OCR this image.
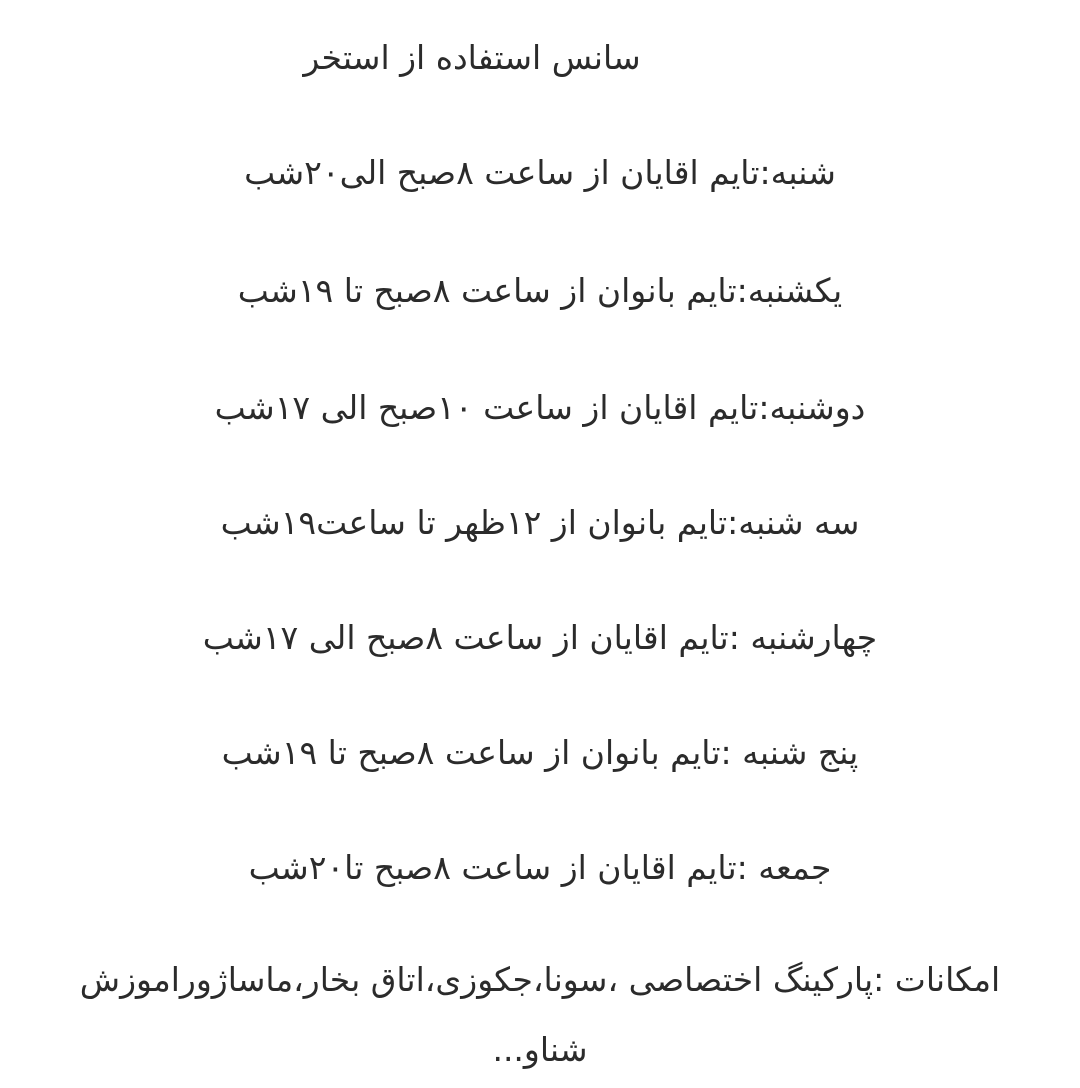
سانس استفاده از استخر

شنبه:تایم اقایان از ساعت ۸صبح الی۲۰شب

یکشنبه:تایم بانوان از ساعت ۸صبح تا ۱۹شب

دوشنبه:تایم اقایان از ساعت ۱۰صبح الی ۱۷شب

سه شنبه:تایم بانوان از ۱۲ظهر تا ساعت۱۹شب

چهارشنبه :تایم اقایان از ساعت ۸صبح الی ۱۷شب

پنج شنبه :تایم بانوان از ساعت ۸صبح تا ۱۹شب

جمعه :تایم اقایان از ساعت ۸صبح تا۲۰شب

امکانات :پارکینگ اختصاصی ،سونا،جکوزی،اتاق بخار،ماساژوراموزش شناو...
